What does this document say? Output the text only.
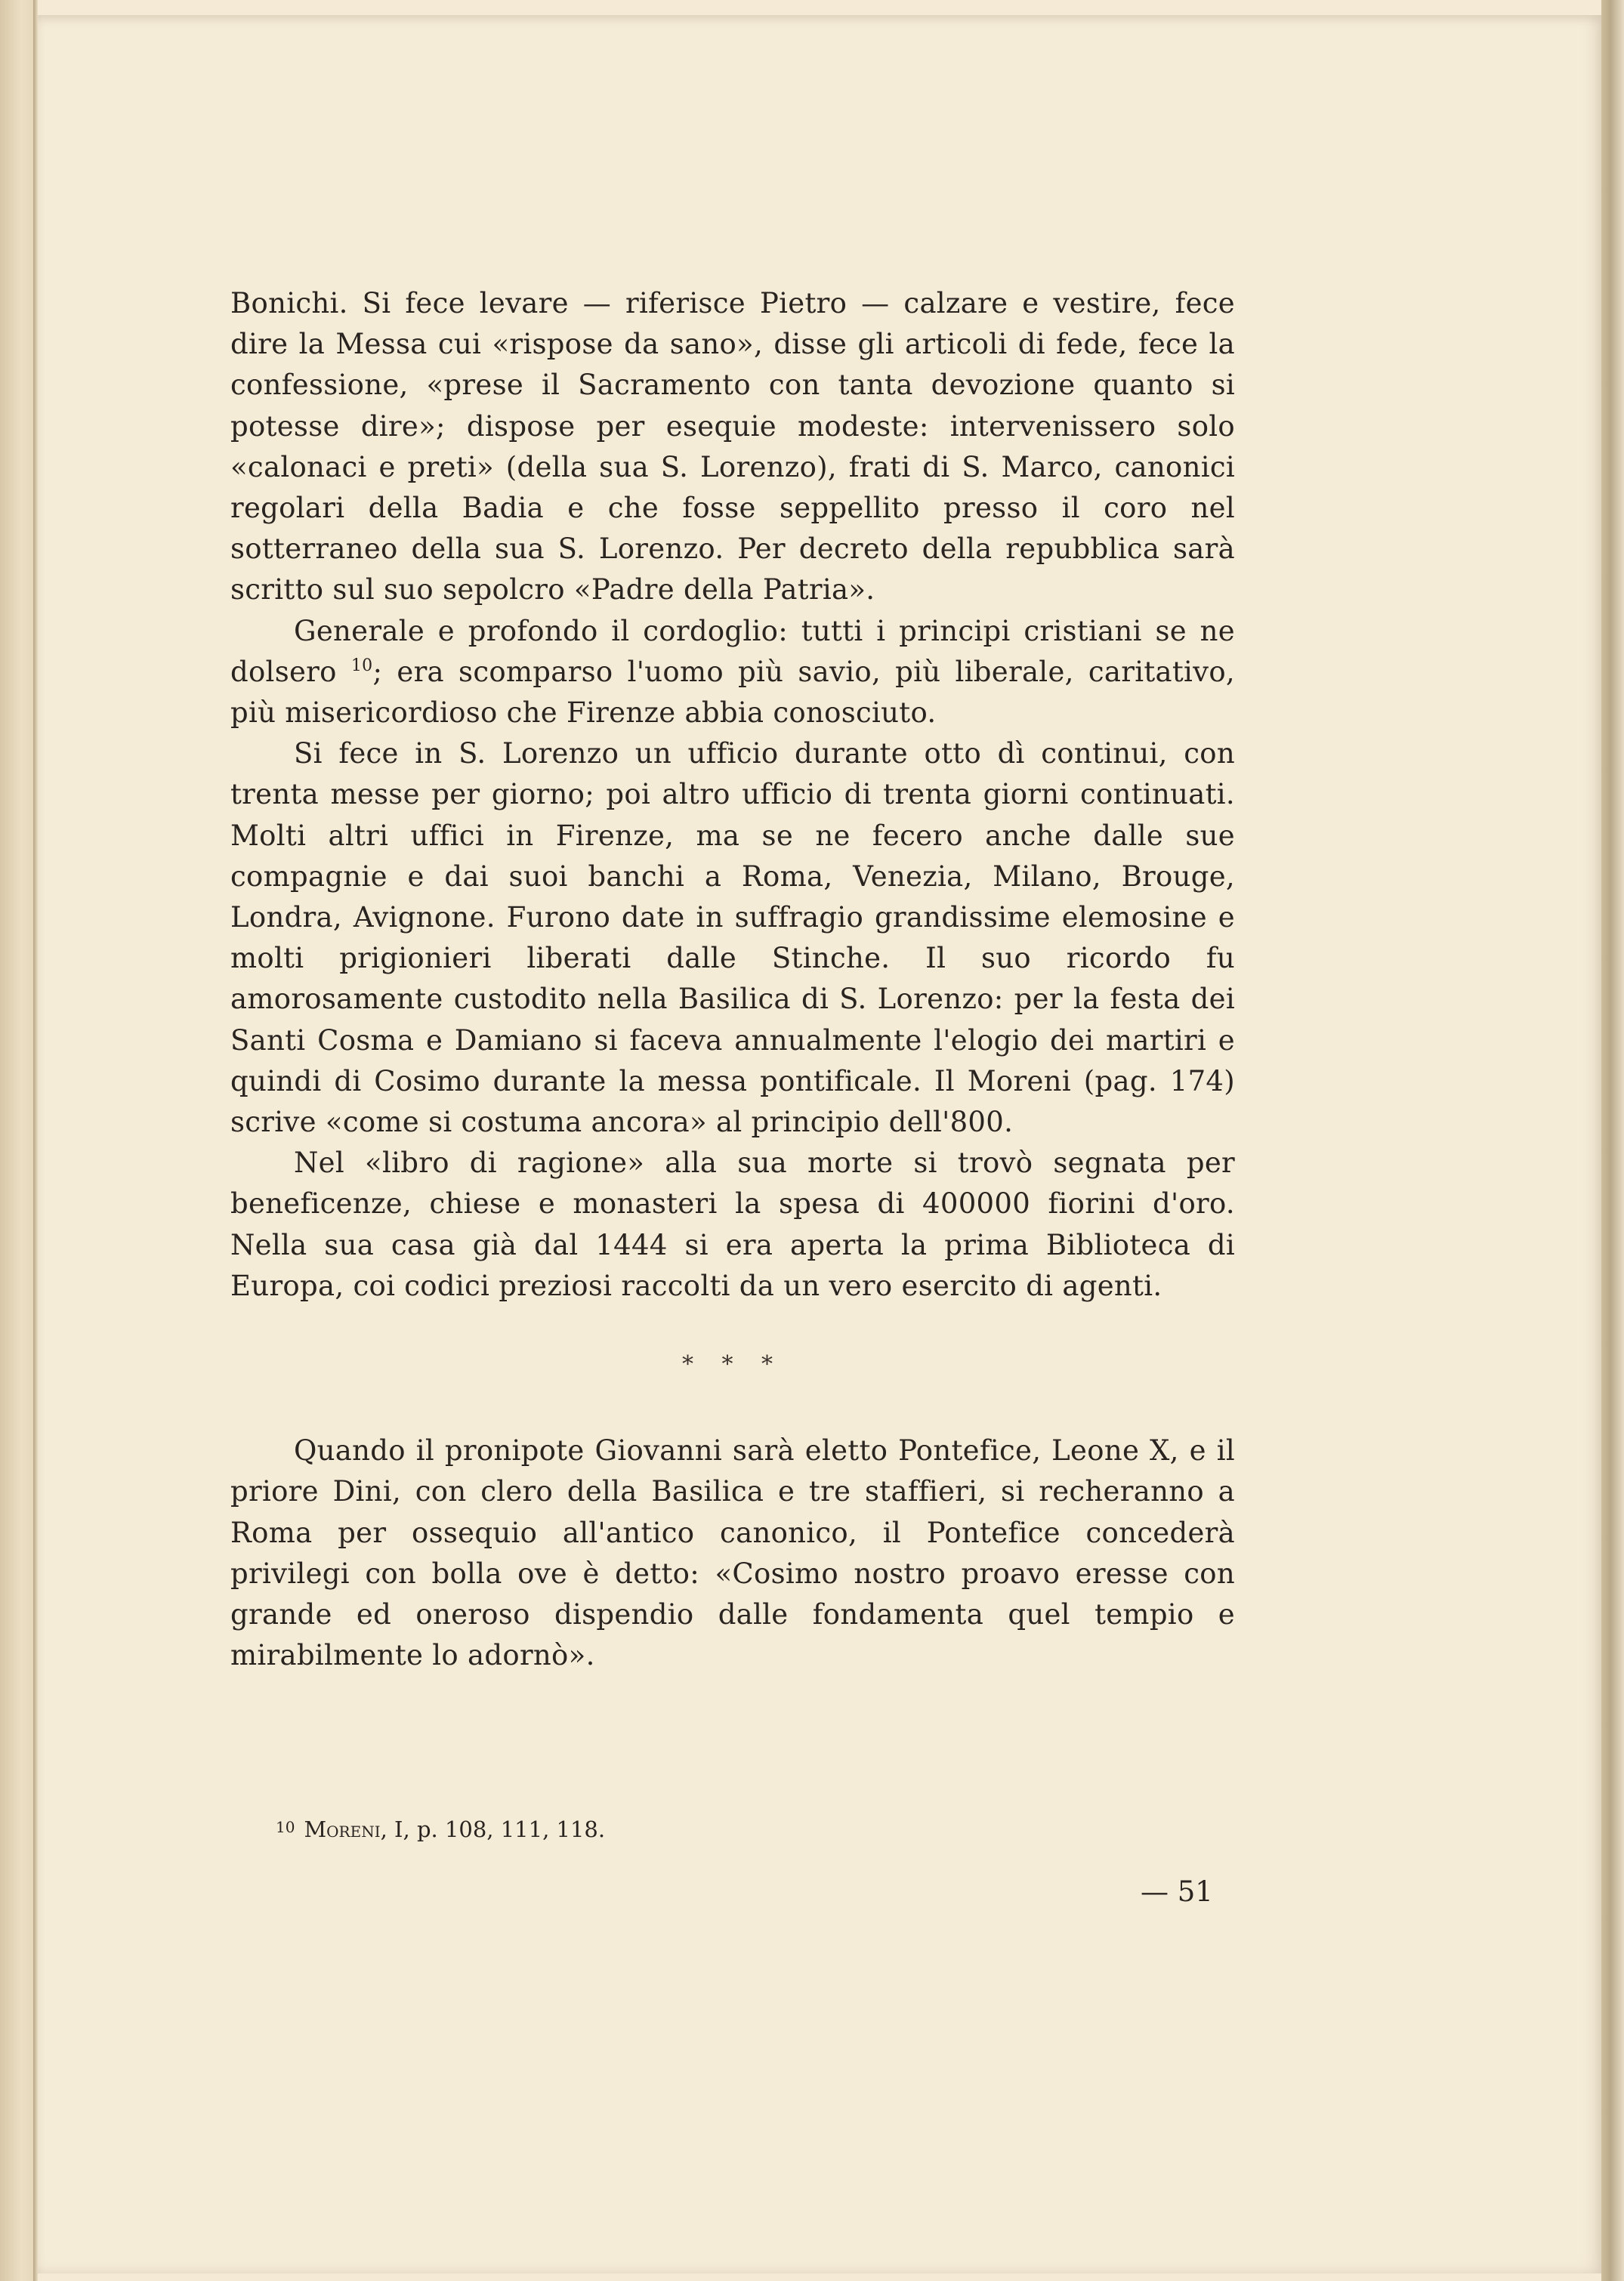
Bonichi. Si fece levare — riferisce Pietro — calzare e vestire, fece dire la Messa cui «rispose da sano», disse gli articoli di fede, fece la confessione, «prese il Sacramento con tanta devozione quanto si potesse dire»; dispose per esequie modeste: intervenissero solo «calonaci e preti» (della sua S. Lorenzo), frati di S. Marco, canonici regolari della Badia e che fosse seppellito presso il coro nel sotterraneo della sua S. Lorenzo. Per decreto della repubblica sarà scritto sul suo sepolcro «Padre della Patria».

Generale e profondo il cordoglio: tutti i principi cristiani se ne dolsero $^{10}$; era scomparso l'uomo più savio, più liberale, caritativo, più misericordioso che Firenze abbia conosciuto.

Si fece in S. Lorenzo un ufficio durante otto dì continui, con trenta messe per giorno; poi altro ufficio di trenta giorni continuati. Molti altri uffici in Firenze, ma se ne fecero anche dalle sue compagnie e dai suoi banchi a Roma, Venezia, Milano, Brouge, Londra, Avignone. Furono date in suffragio grandissime elemosine e molti prigionieri liberati dalle Stinche. Il suo ricordo fu amorosamente custodito nella Basilica di S. Lorenzo: per la festa dei Santi Cosma e Damiano si faceva annualmente l'elogio dei martiri e quindi di Cosimo durante la messa pontificale. Il Moreni (pag. 174) scrive «come si costuma ancora» al principio dell'800.

Nel «libro di ragione» alla sua morte si trovò segnata per beneficenze, chiese e monasteri la spesa di 400000 fiorini d'oro. Nella sua casa già dal 1444 si era aperta la prima Biblioteca di Europa, coi codici preziosi raccolti da un vero esercito di agenti.

* * *

Quando il pronipote Giovanni sarà eletto Pontefice, Leone X, e il priore Dini, con clero della Basilica e tre staffieri, si recheranno a Roma per ossequio all'antico canonico, il Pontefice concederà privilegi con bolla ove è detto: «Cosimo nostro proavo eresse con grande ed oneroso dispendio dalle fondamenta quel tempio e mirabilmente lo adornò».

$^{10}$ Moreni, I, p. 108, 111, 118.
— 51
